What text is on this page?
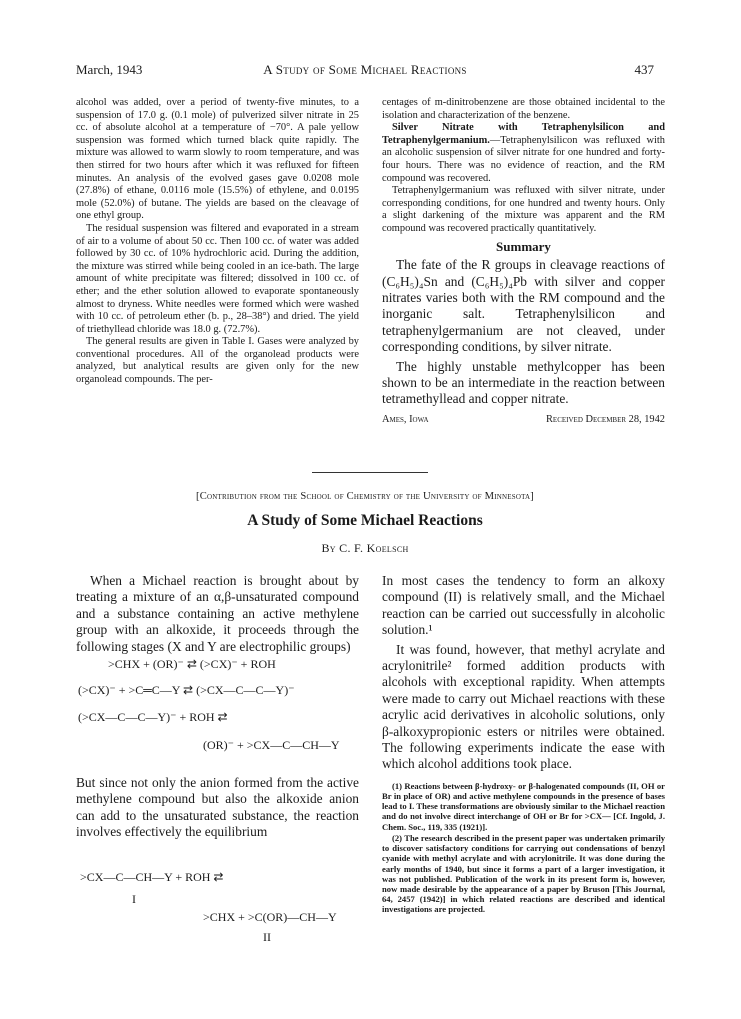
March, 1943	A Study of Some Michael Reactions	437

alcohol was added, over a period of twenty-five minutes, to a suspension of 17.0 g. (0.1 mole) of pulverized silver nitrate in 25 cc. of absolute alcohol at a temperature of −70°. A pale yellow suspension was formed which turned black quite rapidly. The mixture was allowed to warm slowly to room temperature, and was then stirred for two hours after which it was refluxed for fifteen minutes. An analysis of the evolved gases gave 0.0208 mole (27.8%) of ethane, 0.0116 mole (15.5%) of ethylene, and 0.0195 mole (52.0%) of butane. The yields are based on the cleavage of one ethyl group.

The residual suspension was filtered and evaporated in a stream of air to a volume of about 50 cc. Then 100 cc. of water was added followed by 30 cc. of 10% hydrochloric acid. During the addition, the mixture was stirred while being cooled in an ice-bath. The large amount of white precipitate was filtered; dissolved in 100 cc. of ether; and the ether solution allowed to evaporate spontaneously almost to dryness. White needles were formed which were washed with 10 cc. of petroleum ether (b. p., 28–38°) and dried. The yield of triethyllead chloride was 18.0 g. (72.7%).

The general results are given in Table I. Gases were analyzed by conventional procedures. All of the organolead products were analyzed, but analytical results are given only for the new organolead compounds. The per-

centages of m-dinitrobenzene are those obtained incidental to the isolation and characterization of the benzene.

Silver Nitrate with Tetraphenylsilicon and Tetraphenylgermanium.—Tetraphenylsilicon was refluxed with an alcoholic suspension of silver nitrate for one hundred and forty-four hours. There was no evidence of reaction, and the RM compound was recovered.

Tetraphenylgermanium was refluxed with silver nitrate, under corresponding conditions, for one hundred and twenty hours. Only a slight darkening of the mixture was apparent and the RM compound was recovered practically quantitatively.

Summary

The fate of the R groups in cleavage reactions of (C₆H₅)₄Sn and (C₆H₅)₄Pb with silver and copper nitrates varies both with the RM compound and the inorganic salt. Tetraphenylsilicon and tetraphenylgermanium are not cleaved, under corresponding conditions, by silver nitrate.

The highly unstable methylcopper has been shown to be an intermediate in the reaction between tetramethyllead and copper nitrate.

Ames, Iowa	Received December 28, 1942
[Contribution from the School of Chemistry of the University of Minnesota]
A Study of Some Michael Reactions
By C. F. Koelsch

When a Michael reaction is brought about by treating a mixture of an α,β-unsaturated compound and a substance containing an active methylene group with an alkoxide, it proceeds through the following stages (X and Y are electrophilic groups)

>CHX + (OR)⁻ ⇄ (>CX)⁻ + ROH
(>CX)⁻ + >C═C—Y ⇄ (>CX—C—C—Y)⁻
(>CX—C—C—Y)⁻ + ROH ⇄
(OR)⁻ + >CX—C—CH—Y

But since not only the anion formed from the active methylene compound but also the alkoxide anion can add to the unsaturated substance, the reaction involves effectively the equilibrium

>CX—C—CH—Y + ROH ⇄
I
>CHX + >C(OR)—CH—Y
II

In most cases the tendency to form an alkoxy compound (II) is relatively small, and the Michael reaction can be carried out successfully in alcoholic solution.¹

It was found, however, that methyl acrylate and acrylonitrile² formed addition products with alcohols with exceptional rapidity. When attempts were made to carry out Michael reactions with these acrylic acid derivatives in alcoholic solutions, only β-alkoxypropionic esters or nitriles were obtained. The following experiments indicate the ease with which alcohol additions took place.

(1) Reactions between β-hydroxy- or β-halogenated compounds (II, OH or Br in place of OR) and active methylene compounds in the presence of bases lead to I. These transformations are obviously similar to the Michael reaction and do not involve direct interchange of OH or Br for >CX— [Cf. Ingold, J. Chem. Soc., 119, 335 (1921)].

(2) The research described in the present paper was undertaken primarily to discover satisfactory conditions for carrying out condensations of benzyl cyanide with methyl acrylate and with acrylonitrile. It was done during the early months of 1940, but since it forms a part of a larger investigation, it was not published. Publication of the work in its present form is, however, now made desirable by the appearance of a paper by Bruson [This Journal, 64, 2457 (1942)] in which related reactions are described and identical investigations are projected.
